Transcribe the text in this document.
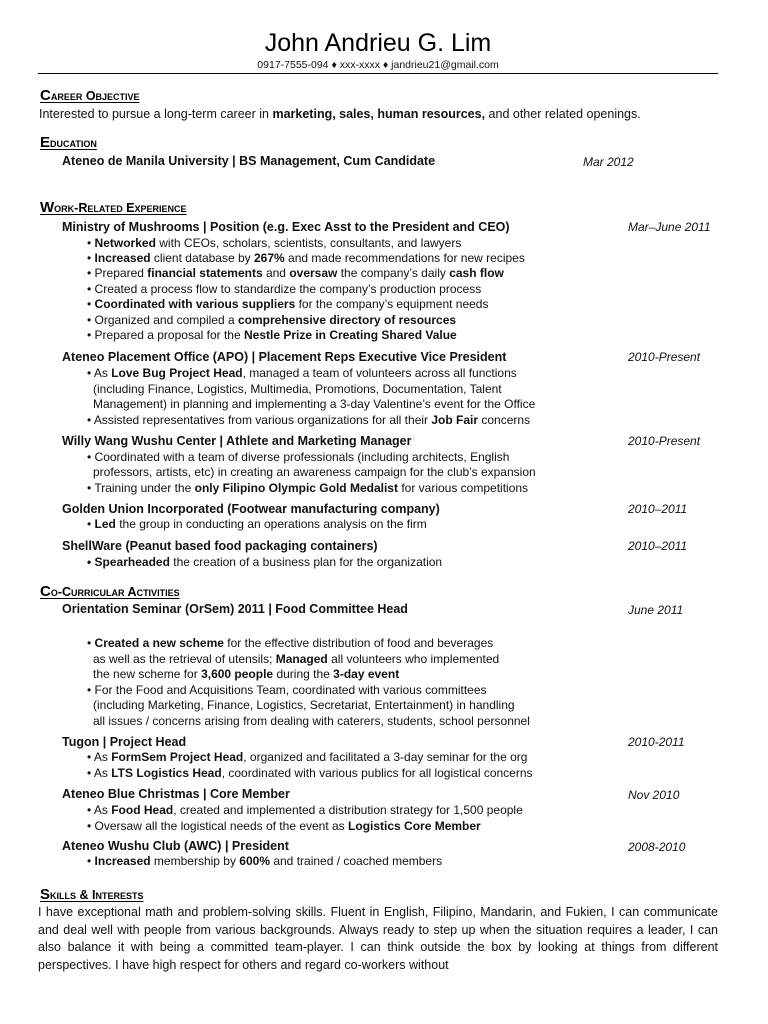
John Andrieu G. Lim
0917-7555-094 ♦ xxx-xxxx ♦ jandrieu21@gmail.com
Career Objective
Interested to pursue a long-term career in marketing, sales, human resources, and other related openings.
Education
Ateneo de Manila University | BS Management, Cum Candidate	Mar 2012
Work-Related Experience
Ministry of Mushrooms | Position (e.g. Exec Asst to the President and CEO)	Mar–June 2011
• Networked with CEOs, scholars, scientists, consultants, and lawyers
• Increased client database by 267% and made recommendations for new recipes
• Prepared financial statements and oversaw the company’s daily cash flow
• Created a process flow to standardize the company’s production process
• Coordinated with various suppliers for the company’s equipment needs
• Organized and compiled a comprehensive directory of resources
• Prepared a proposal for the Nestle Prize in Creating Shared Value
Ateneo Placement Office (APO) | Placement Reps Executive Vice President	2010-Present
• As Love Bug Project Head, managed a team of volunteers across all functions
(including Finance, Logistics, Multimedia, Promotions, Documentation, Talent
Management) in planning and implementing a 3-day Valentine’s event for the Office
• Assisted representatives from various organizations for all their Job Fair concerns
Willy Wang Wushu Center | Athlete and Marketing Manager	2010-Present
• Coordinated with a team of diverse professionals (including architects, English
professors, artists, etc) in creating an awareness campaign for the club’s expansion
• Training under the only Filipino Olympic Gold Medalist for various competitions
Golden Union Incorporated (Footwear manufacturing company)	2010–2011
• Led the group in conducting an operations analysis on the firm
ShellWare (Peanut based food packaging containers)	2010–2011
• Spearheaded the creation of a business plan for the organization
Co-Curricular Activities
Orientation Seminar (OrSem) 2011 | Food Committee Head	June 2011
• Created a new scheme for the effective distribution of food and beverages
as well as the retrieval of utensils; Managed all volunteers who implemented
the new scheme for 3,600 people during the 3-day event
• For the Food and Acquisitions Team, coordinated with various committees
(including Marketing, Finance, Logistics, Secretariat, Entertainment) in handling
all issues / concerns arising from dealing with caterers, students, school personnel
Tugon | Project Head	2010-2011
• As FormSem Project Head, organized and facilitated a 3-day seminar for the org
• As LTS Logistics Head, coordinated with various publics for all logistical concerns
Ateneo Blue Christmas | Core Member	Nov 2010
• As Food Head, created and implemented a distribution strategy for 1,500 people
• Oversaw all the logistical needs of the event as Logistics Core Member
Ateneo Wushu Club (AWC) | President	2008-2010
• Increased membership by 600% and trained / coached members
Skills & Interests
I have exceptional math and problem-solving skills. Fluent in English, Filipino, Mandarin, and Fukien, I can communicate and deal well with people from various backgrounds. Always ready to step up when the situation requires a leader, I can also balance it with being a committed team-player. I can think outside the box by looking at things from different perspectives. I have high respect for others and regard co-workers without
